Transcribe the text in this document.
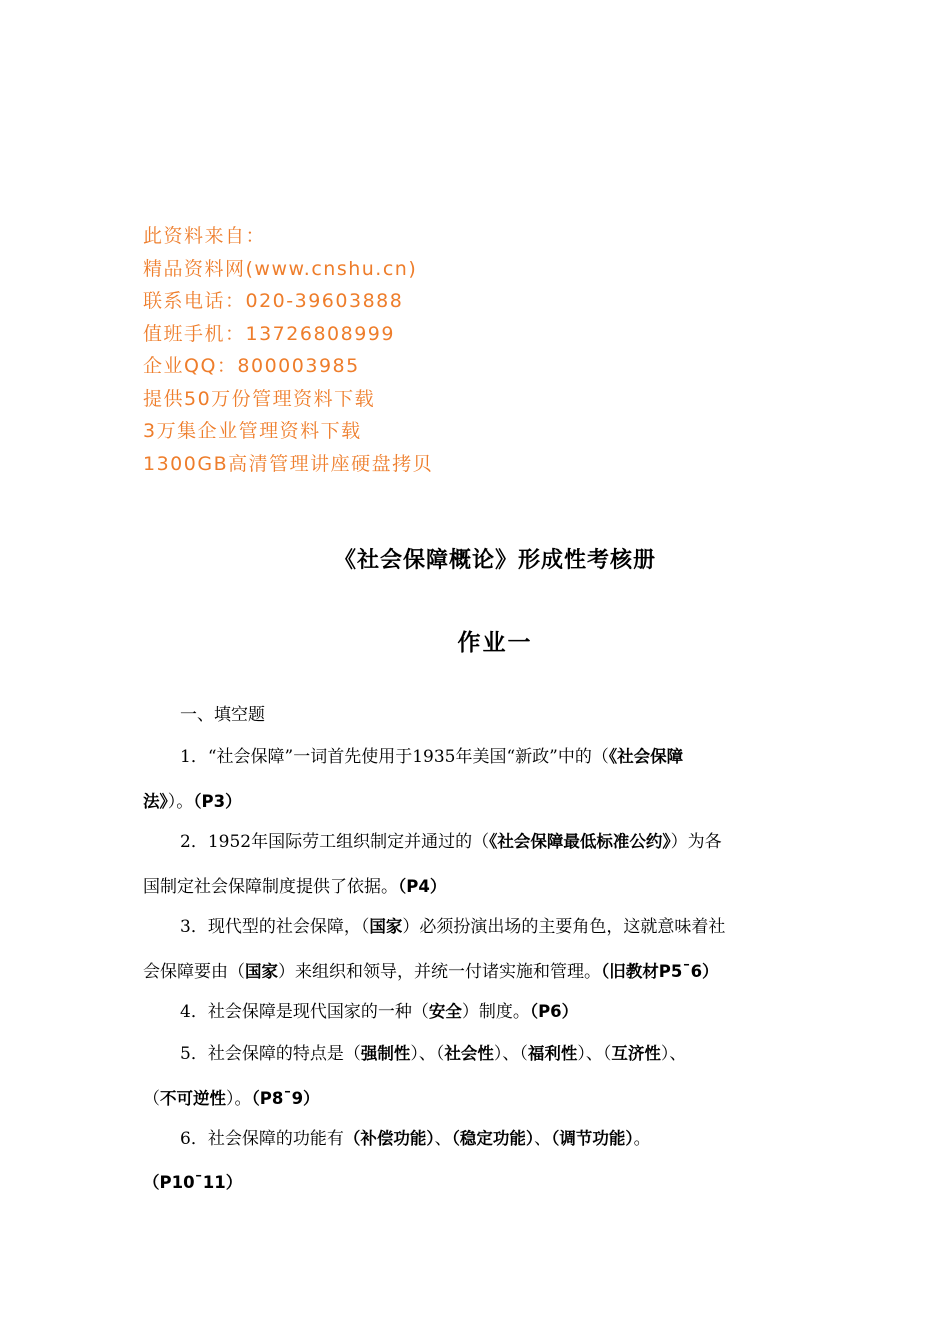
此资料来自：
精品资料网(www.cnshu.cn)
联系电话：020-39603888
值班手机：13726808999
企业QQ：800003985
提供50万份管理资料下载
3万集企业管理资料下载
1300GB高清管理讲座硬盘拷贝
《社会保障概论》形成性考核册
作业一
一、填空题
1．“社会保障”一词首先使用于1935年美国“新政”中的（《社会保障
法》）。（P3）
2．1952年国际劳工组织制定并通过的（《社会保障最低标准公约》）为各
国制定社会保障制度提供了依据。（P4）
3．现代型的社会保障，（国家）必须扮演出场的主要角色，这就意味着社
会保障要由（国家）来组织和领导，并统一付诸实施和管理。（旧教材P5¯6）
4．社会保障是现代国家的一种（安全）制度。（P6）
5．社会保障的特点是（强制性）、（社会性）、（福利性）、（互济性）、
（不可逆性）。（P8¯9）
6．社会保障的功能有（补偿功能）、（稳定功能）、（调节功能）。
（P10¯11）
